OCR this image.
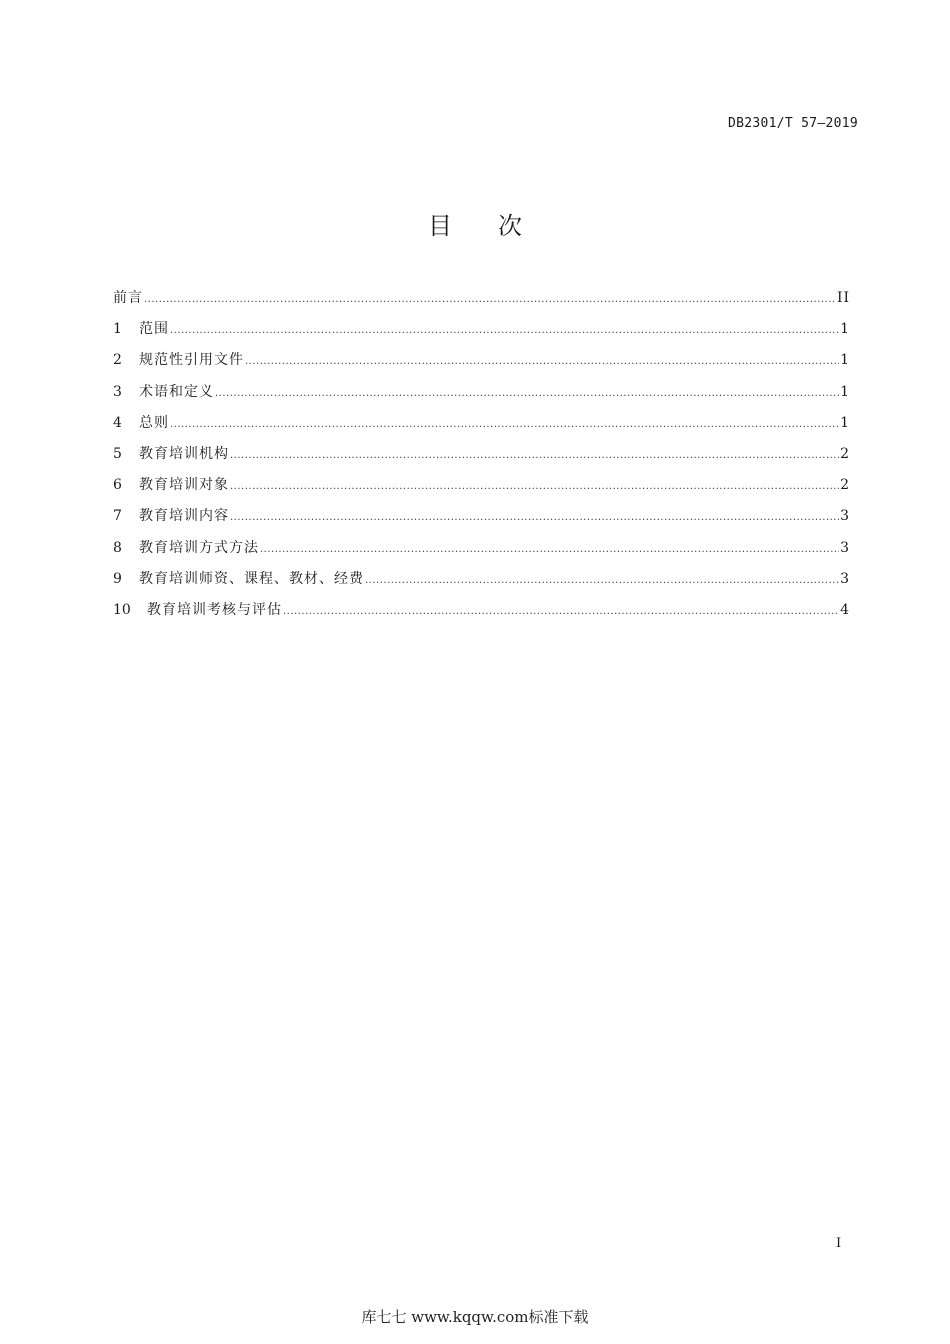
DB2301/T 57—2019
目次
前言 .....	II
1	范围 .....	1
2	规范性引用文件 .....	1
3	术语和定义 .....	1
4	总则 .....	1
5	教育培训机构 .....	2
6	教育培训对象 .....	2
7	教育培训内容 .....	3
8	教育培训方式方法 .....	3
9	教育培训师资、课程、教材、经费 .....	3
10	教育培训考核与评估 .....	4
I
库七七 www.kqqw.com标准下载
